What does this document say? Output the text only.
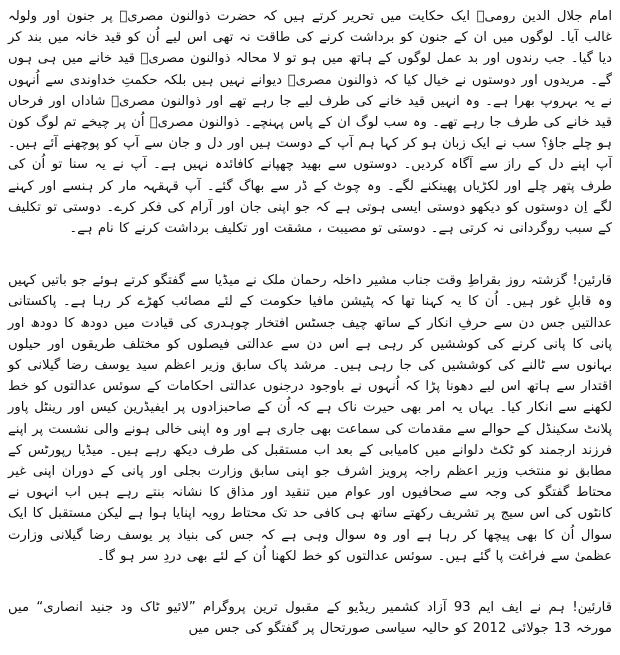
امام جلال الدین رومیؒ ایک حکایت میں تحریر کرتے ہیں کہ حضرت ذوالنون مصریؒ پر جنون اور ولولہ غالب آیا۔ لوگوں میں ان کے جنون کو برداشت کرنے کی طاقت نہ تھی اس لیے اُن کو قید خانہ میں بند کر دیا گیا۔ جب رندوں اور بد عمل لوگوں کے ہاتھ میں ہو تو لا محالہ ذوالنون مصریؒ قید خانے میں ہی ہوں گے۔ مریدوں اور دوستوں نے خیال کیا کہ ذوالنون مصریؒ دیوانے نہیں ہیں بلکہ حکمتِ خداوندی سے اُنہوں نے یہ بہروپ بھرا ہے۔ وہ انہیں قید خانے کی طرف لیے جا رہے تھے اور ذوالنون مصریؒ شاداں اور فرحاں قید خانے کی طرف جا رہے تھے۔ وہ سب لوگ ان کے پاس پہنچے۔ ذوالنون مصریؒ اُن پر چیخے تم لوگ کون ہو چلے جاؤ؟ سب نے ایک زبان ہو کر کہا ہم آپ کے دوست ہیں اور دل و جان سے آپ کو پوچھنے آئے ہیں۔ آپ اپنے دل کے راز سے آگاہ کردیں۔ دوستوں سے بھید چھپانے کافائدہ نہیں ہے۔ آپ نے یہ سنا تو اُن کی طرف پتھر چلے اور لکڑیاں پھینکنے لگے۔ وہ چوٹ کے ڈر سے بھاگ گئے۔ آپ قہقہہ مار کر ہنسے اور کہنے لگے اِن دوستوں کو دیکھو دوستی ایسی ہوتی ہے کہ جو اپنی جان اور آرام کی فکر کرے۔ دوستی تو تکلیف کے سبب روگردانی نہ کرتی ہے۔ دوستی تو مصیبت ، مشقت اور تکلیف برداشت کرنے کا نام ہے۔

قارئین! گزشتہ روز بقراطِ وقت جناب مشیر داخلہ رحمان ملک نے میڈیا سے گفتگو کرتے ہوئے جو باتیں کہیں وہ قابلِ غور ہیں۔ اُن کا یہ کہنا تھا کہ پٹیشن مافیا حکومت کے لئے مصائب کھڑے کر رہا ہے۔ پاکستانی عدالتیں جس دن سے حرفِ انکار کے ساتھ چیف جسٹس افتخار چوہدری کی قیادت میں دودھ کا دودھ اور پانی کا پانی کرنے کی کوششیں کر رہی ہے اس دن سے عدالتی فیصلوں کو مختلف طریقوں اور حیلوں بہانوں سے ٹالنے کی کوششیں کی جا رہی ہیں۔ مرشد پاک سابق وزیر اعظم سید یوسف رضا گیلانی کو اقتدار سے ہاتھ اس لیے دھونا پڑا کہ اُنہوں نے باوجود درجنوں عدالتی احکامات کے سوئس عدالتوں کو خط لکھنے سے انکار کیا۔ یہاں یہ امر بھی حیرت ناک ہے کہ اُن کے صاحبزادوں پر ایفیڈرین کیس اور رینٹل پاور پلانٹ سکینڈل کے حوالے سے مقدمات کی سماعت بھی جاری ہے اور وہ اپنی خالی ہونے والی نشست پر اپنے فرزند ارجمند کو ٹکٹ دلوانے میں کامیابی کے بعد اب مستقبل کی طرف دیکھ رہے ہیں۔ میڈیا رپورٹس کے مطابق نو منتخب وزیر اعظم راجہ پرویز اشرف جو اپنی سابق وزارت بجلی اور پانی کے دوران اپنی غیر محتاط گفتگو کی وجہ سے صحافیوں اور عوام میں تنقید اور مذاق کا نشانہ بنتے رہے ہیں اب انہوں نے کانٹوں کی اس سیج پر تشریف رکھتے ساتھ ہی کافی حد تک محتاط رویہ اپنایا ہوا ہے لیکن مستقبل کا ایک سوال اُن کا بھی پیچھا کر رہا ہے اور وہ سوال وہی ہے کہ جس کی بنیاد پر یوسف رضا گیلانی وزارت عظمیٰ سے فراغت پا گئے ہیں۔ سوئس عدالتوں کو خط لکھنا اُن کے لئے بھی دردِ سر ہو گا۔

قارئین! ہم نے ایف ایم 93 آزاد کشمیر ریڈیو کے مقبول ترین پروگرام ”لائیو ٹاک ود جنید انصاری“ میں مورخہ 13 جولائی 2012 کو حالیہ سیاسی صورتحال پر گفتگو کی جس میں
